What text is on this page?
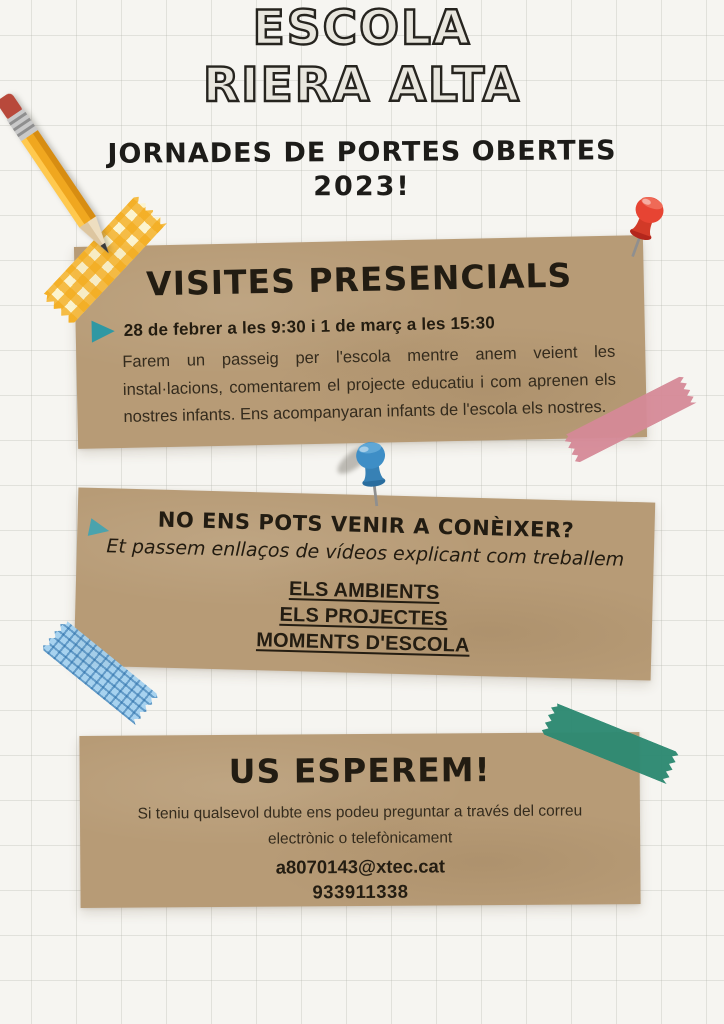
ESCOLA
RIERA ALTA
JORNADES DE PORTES OBERTES
2023!
VISITES PRESENCIALS
28 de febrer a les 9:30 i 1 de març a les 15:30

Farem un passeig per l'escola mentre anem veient les instal·lacions, comentarem el projecte educatiu i com aprenen els nostres infants. Ens acompanyaran infants de l'escola els nostres.

NO ENS POTS VENIR A CONÈIXER?
Et passem enllaços de vídeos explicant com treballem
ELS AMBIENTS
ELS PROJECTES
MOMENTS D'ESCOLA
US ESPEREM!

Si teniu qualsevol dubte ens podeu preguntar a través del correu
electrònic o telefònicament

a8070143@xtec.cat
933911338
